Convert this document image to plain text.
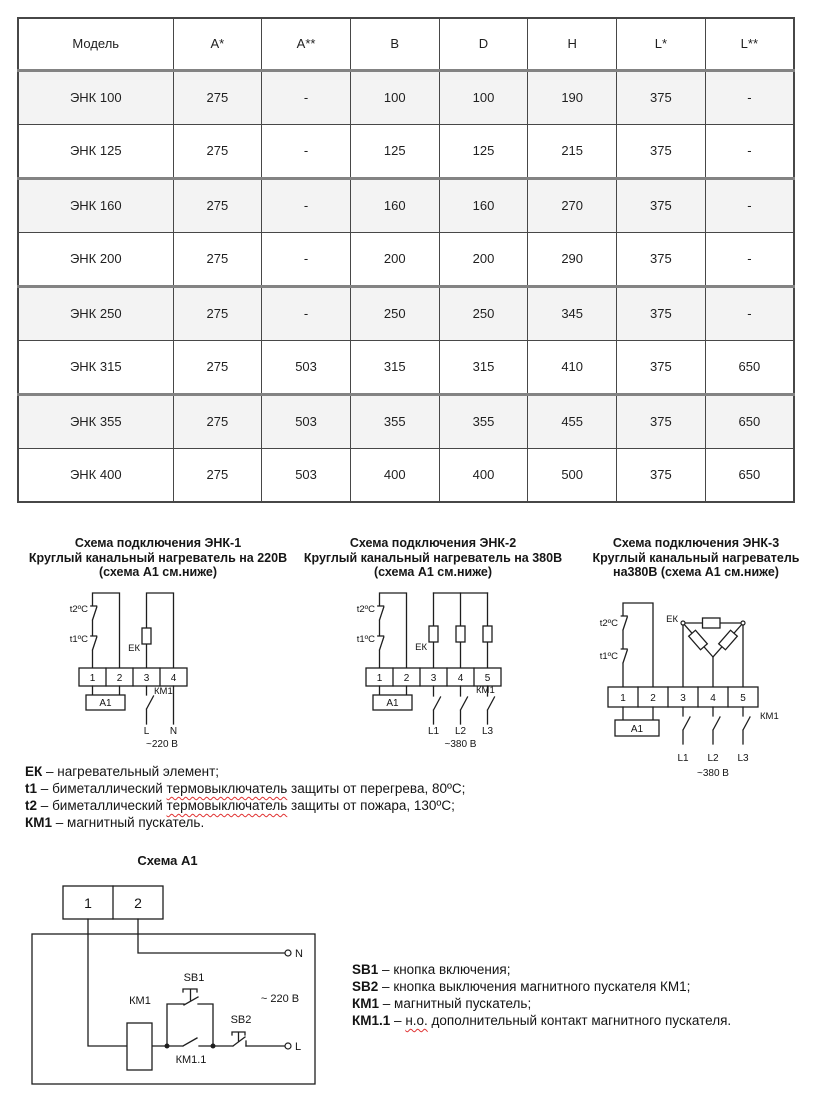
Модель	A*	A**	B	D	H	L*	L**
ЭНК 100	275	-	100	100	190	375	-
ЭНК 125	275	-	125	125	215	375	-
ЭНК 160	275	-	160	160	270	375	-
ЭНК 200	275	-	200	200	290	375	-
ЭНК 250	275	-	250	250	345	375	-
ЭНК 315	275	503	315	315	410	375	650
ЭНК 355	275	503	355	355	455	375	650
ЭНК 400	275	503	400	400	500	375	650
Схема подключения ЭНК-1
Круглый канальный нагреватель на 220В
(схема А1 см.ниже)
Схема подключения ЭНК-2
Круглый канальный нагреватель на 380В
(схема А1 см.ниже)
Схема подключения ЭНК-3
Круглый канальный нагреватель
на380В (схема А1 см.ниже)
1 2 3 4
А1
t2ºC
t1ºC
ЕК
КМ1
L N
~220 В
1 2 3 4 5
А1
t2ºC
t1ºC
ЕК
КМ1
L1 L2 L3
~380 В
1 2 3 4 5
А1
t2ºC
t1ºC
ЕК
КМ1
L1 L2 L3
~380 В
ЕК – нагревательный элемент;
t1 – биметаллический термовыключатель защиты от перегрева, 80ºС;
t2 – биметаллический термовыключатель защиты от пожара, 130ºС;
КМ1 – магнитный пускатель.
Схема А1
1	2
КМ1
SB1
SB2
КМ1.1
N
L
~ 220 В
SB1 – кнопка включения;
SB2 – кнопка выключения магнитного пускателя КМ1;
КМ1 – магнитный пускатель;
КМ1.1 – н.о. дополнительный контакт магнитного пускателя.
